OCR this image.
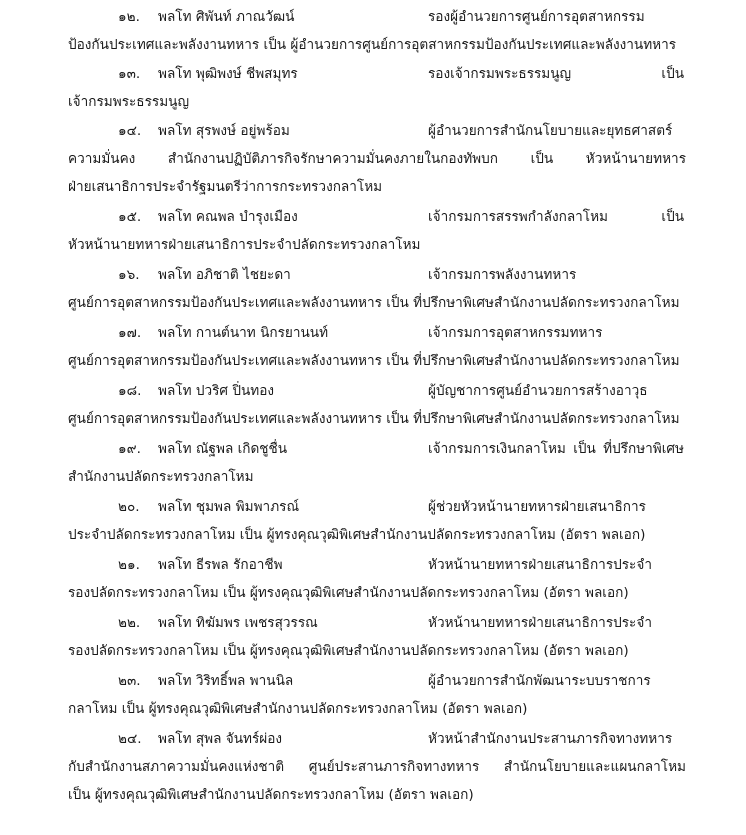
๑๒. พลโท ศิพันท์ ภาณวัฒน์	รองผู้อำนวยการศูนย์การอุตสาหกรรม
ป้องกันประเทศและพลังงานทหาร เป็น ผู้อำนวยการศูนย์การอุตสาหกรรมป้องกันประเทศและพลังงานทหาร
๑๓. พลโท พุฒิพงษ์ ชีพสมุทร	รองเจ้ากรมพระธรรมนูญ เป็น
เจ้ากรมพระธรรมนูญ
๑๔. พลโท สุรพงษ์ อยู่พร้อม	ผู้อำนวยการสำนักนโยบายและยุทธศาสตร์
ความมั่นคง สำนักงานปฏิบัติภารกิจรักษาความมั่นคงภายในกองทัพบก เป็น หัวหน้านายทหาร
ฝ่ายเสนาธิการประจำรัฐมนตรีว่าการกระทรวงกลาโหม
๑๕. พลโท คณพล บำรุงเมือง	เจ้ากรมการสรรพกำลังกลาโหม เป็น
หัวหน้านายทหารฝ่ายเสนาธิการประจำปลัดกระทรวงกลาโหม
๑๖. พลโท อภิชาติ ไชยะดา	เจ้ากรมการพลังงานทหาร
ศูนย์การอุตสาหกรรมป้องกันประเทศและพลังงานทหาร เป็น ที่ปรึกษาพิเศษสำนักงานปลัดกระทรวงกลาโหม
๑๗. พลโท กานต์นาท นิกรยานนท์	เจ้ากรมการอุตสาหกรรมทหาร
ศูนย์การอุตสาหกรรมป้องกันประเทศและพลังงานทหาร เป็น ที่ปรึกษาพิเศษสำนักงานปลัดกระทรวงกลาโหม
๑๘. พลโท ปวริศ ปิ่นทอง	ผู้บัญชาการศูนย์อำนวยการสร้างอาวุธ
ศูนย์การอุตสาหกรรมป้องกันประเทศและพลังงานทหาร เป็น ที่ปรึกษาพิเศษสำนักงานปลัดกระทรวงกลาโหม
๑๙. พลโท ณัฐพล เกิดชูชื่น	เจ้ากรมการเงินกลาโหม เป็น ที่ปรึกษาพิเศษ
สำนักงานปลัดกระทรวงกลาโหม
๒๐. พลโท ชุมพล พิมพาภรณ์	ผู้ช่วยหัวหน้านายทหารฝ่ายเสนาธิการ
ประจำปลัดกระทรวงกลาโหม เป็น ผู้ทรงคุณวุฒิพิเศษสำนักงานปลัดกระทรวงกลาโหม (อัตรา พลเอก)
๒๑. พลโท ธีรพล รักอาชีพ	หัวหน้านายทหารฝ่ายเสนาธิการประจำ
รองปลัดกระทรวงกลาโหม เป็น ผู้ทรงคุณวุฒิพิเศษสำนักงานปลัดกระทรวงกลาโหม (อัตรา พลเอก)
๒๒. พลโท ทิฆัมพร เพชรสุวรรณ	หัวหน้านายทหารฝ่ายเสนาธิการประจำ
รองปลัดกระทรวงกลาโหม เป็น ผู้ทรงคุณวุฒิพิเศษสำนักงานปลัดกระทรวงกลาโหม (อัตรา พลเอก)
๒๓. พลโท วิริทธิ์พล พานนิล	ผู้อำนวยการสำนักพัฒนาระบบราชการ
กลาโหม เป็น ผู้ทรงคุณวุฒิพิเศษสำนักงานปลัดกระทรวงกลาโหม (อัตรา พลเอก)
๒๔. พลโท สุพล จันทร์ผ่อง	หัวหน้าสำนักงานประสานภารกิจทางทหาร
กับสำนักงานสภาความมั่นคงแห่งชาติ ศูนย์ประสานภารกิจทางทหาร สำนักนโยบายและแผนกลาโหม
เป็น ผู้ทรงคุณวุฒิพิเศษสำนักงานปลัดกระทรวงกลาโหม (อัตรา พลเอก)
